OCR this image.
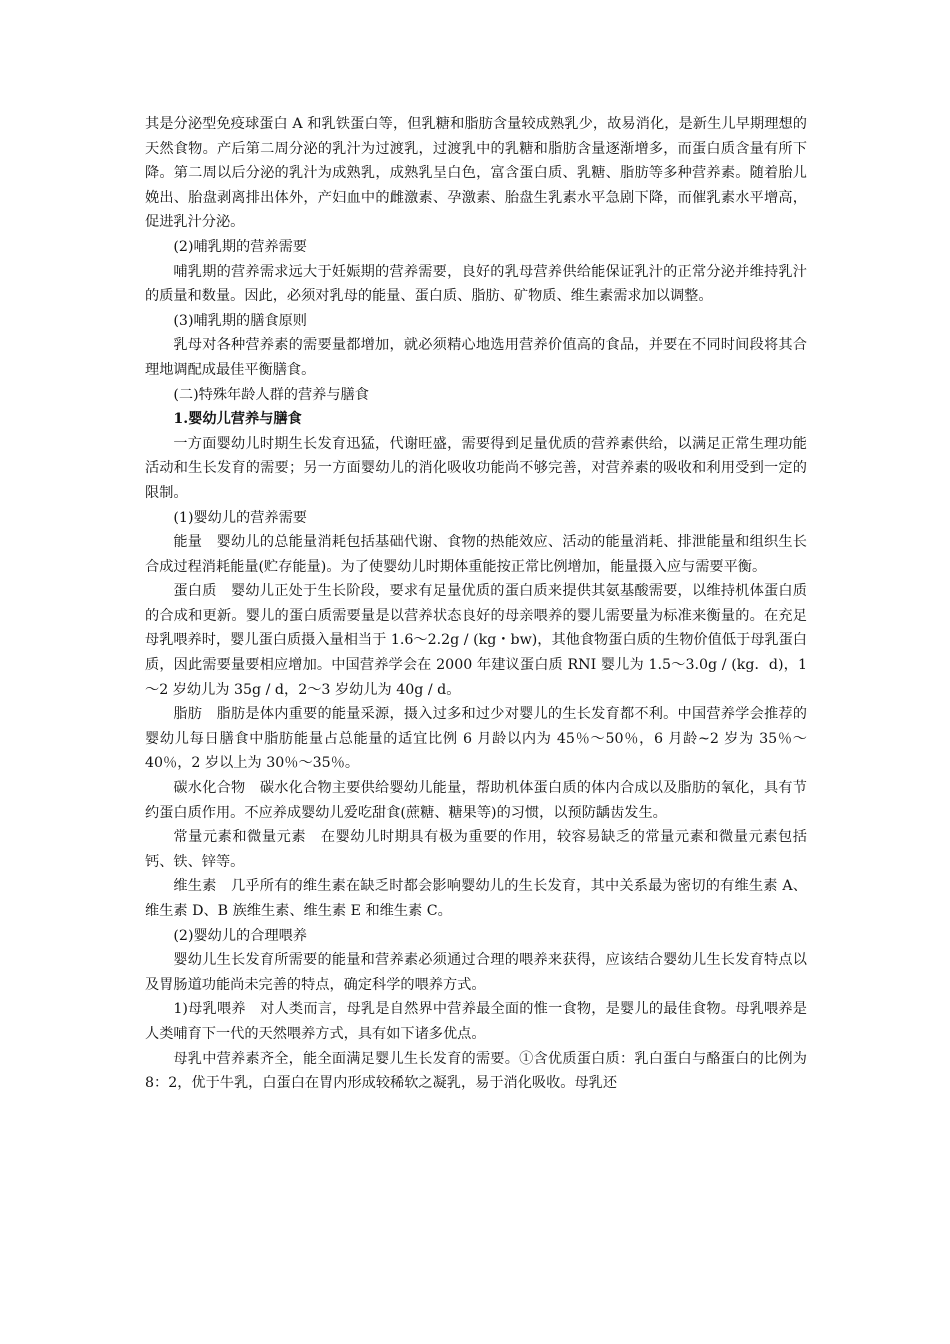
其是分泌型免疫球蛋白 A 和乳铁蛋白等，但乳糖和脂肪含量较成熟乳少，故易消化，是新生儿早期理想的天然食物。产后第二周分泌的乳汁为过渡乳，过渡乳中的乳糖和脂肪含量逐渐增多，而蛋白质含量有所下降。第二周以后分泌的乳汁为成熟乳，成熟乳呈白色，富含蛋白质、乳糖、脂肪等多种营养素。随着胎儿娩出、胎盘剥离排出体外，产妇血中的雌激素、孕激素、胎盘生乳素水平急剧下降，而催乳素水平增高，促进乳汁分泌。

(2)哺乳期的营养需要

哺乳期的营养需求远大于妊娠期的营养需要，良好的乳母营养供给能保证乳汁的正常分泌并维持乳汁的质量和数量。因此，必须对乳母的能量、蛋白质、脂肪、矿物质、维生素需求加以调整。

(3)哺乳期的膳食原则

乳母对各种营养素的需要量都增加，就必须精心地选用营养价值高的食品，并要在不同时间段将其合理地调配成最佳平衡膳食。

(二)特殊年龄人群的营养与膳食

1.婴幼儿营养与膳食

一方面婴幼儿时期生长发育迅猛，代谢旺盛，需要得到足量优质的营养素供给，以满足正常生理功能活动和生长发育的需要；另一方面婴幼儿的消化吸收功能尚不够完善，对营养素的吸收和利用受到一定的限制。

(1)婴幼儿的营养需要

能量　婴幼儿的总能量消耗包括基础代谢、食物的热能效应、活动的能量消耗、排泄能量和组织生长合成过程消耗能量(贮存能量)。为了使婴幼儿时期体重能按正常比例增加，能量摄入应与需要平衡。

蛋白质　婴幼儿正处于生长阶段，要求有足量优质的蛋白质来提供其氨基酸需要，以维持机体蛋白质的合成和更新。婴儿的蛋白质需要量是以营养状态良好的母亲喂养的婴儿需要量为标准来衡量的。在充足母乳喂养时，婴儿蛋白质摄入量相当于 1.6～2.2g / (kg・bw)，其他食物蛋白质的生物价值低于母乳蛋白质，因此需要量要相应增加。中国营养学会在 2000 年建议蛋白质 RNI 婴儿为 1.5～3.0g / (kg．d)，1～2 岁幼儿为 35g / d，2～3 岁幼儿为 40g / d。

脂肪　脂肪是体内重要的能量采源，摄入过多和过少对婴儿的生长发育都不利。中国营养学会推荐的婴幼儿每日膳食中脂肪能量占总能量的适宜比例 6 月龄以内为 45％～50％，6 月龄~2 岁为 35％～40％，2 岁以上为 30％～35％。

碳水化合物　碳水化合物主要供给婴幼儿能量，帮助机体蛋白质的体内合成以及脂肪的氧化，具有节约蛋白质作用。不应养成婴幼儿爱吃甜食(蔗糖、糖果等)的习惯，以预防龋齿发生。

常量元素和微量元素　在婴幼儿时期具有极为重要的作用，较容易缺乏的常量元素和微量元素包括钙、铁、锌等。

维生素　几乎所有的维生素在缺乏时都会影响婴幼儿的生长发育，其中关系最为密切的有维生素 A、维生素 D、B 族维生素、维生素 E 和维生素 C。

(2)婴幼儿的合理喂养

婴幼儿生长发育所需要的能量和营养素必须通过合理的喂养来获得，应该结合婴幼儿生长发育特点以及胃肠道功能尚未完善的特点，确定科学的喂养方式。

1)母乳喂养　对人类而言，母乳是自然界中营养最全面的惟一食物，是婴儿的最佳食物。母乳喂养是人类哺育下一代的天然喂养方式，具有如下诸多优点。

母乳中营养素齐全，能全面满足婴儿生长发育的需要。①含优质蛋白质：乳白蛋白与酪蛋白的比例为 8：2，优于牛乳，白蛋白在胃内形成较稀软之凝乳，易于消化吸收。母乳还
